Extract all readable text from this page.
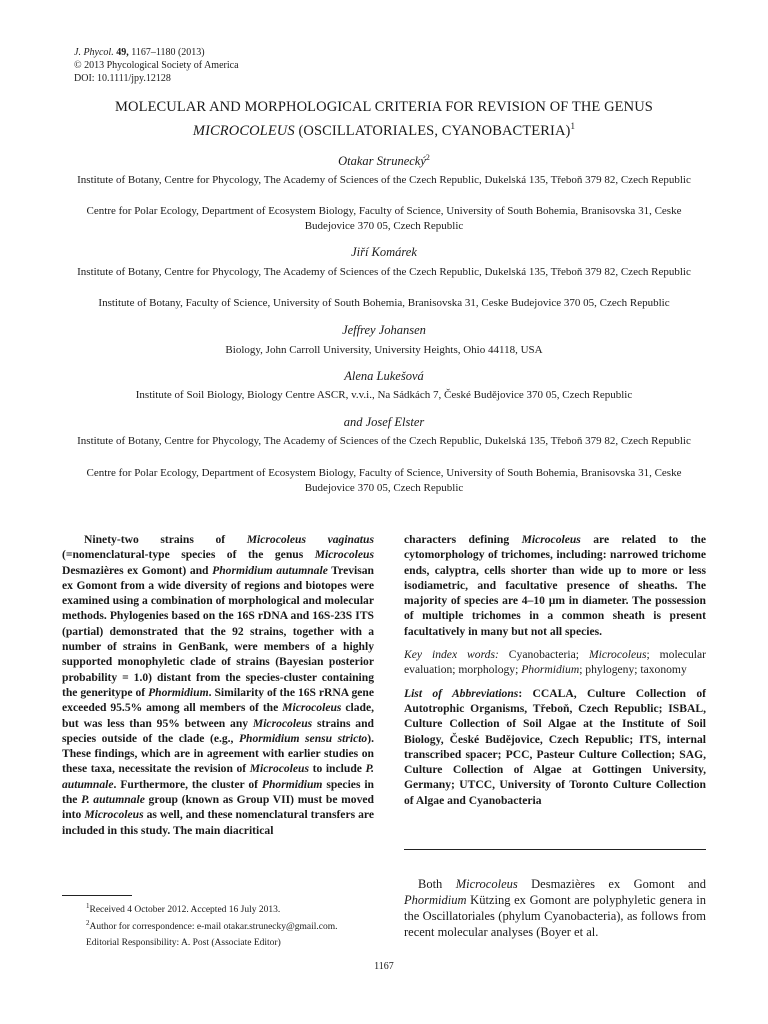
J. Phycol. 49, 1167–1180 (2013)
© 2013 Phycological Society of America
DOI: 10.1111/jpy.12128
MOLECULAR AND MORPHOLOGICAL CRITERIA FOR REVISION OF THE GENUS
MICROCOLEUS (OSCILLATORIALES, CYANOBACTERIA)$^1$
Otakar Strunecký$^2$
Institute of Botany, Centre for Phycology, The Academy of Sciences of the Czech Republic, Dukelská 135, Třeboň 379 82, Czech Republic
Centre for Polar Ecology, Department of Ecosystem Biology, Faculty of Science, University of South Bohemia, Branisovska 31, Ceske Budejovice 370 05, Czech Republic
Jiří Komárek
Institute of Botany, Centre for Phycology, The Academy of Sciences of the Czech Republic, Dukelská 135, Třeboň 379 82, Czech Republic
Institute of Botany, Faculty of Science, University of South Bohemia, Branisovska 31, Ceske Budejovice 370 05, Czech Republic
Jeffrey Johansen
Biology, John Carroll University, University Heights, Ohio 44118, USA
Alena Lukešová
Institute of Soil Biology, Biology Centre ASCR, v.v.i., Na Sádkách 7, České Budějovice 370 05, Czech Republic
and Josef Elster
Institute of Botany, Centre for Phycology, The Academy of Sciences of the Czech Republic, Dukelská 135, Třeboň 379 82, Czech Republic
Centre for Polar Ecology, Department of Ecosystem Biology, Faculty of Science, University of South Bohemia, Branisovska 31, Ceske Budejovice 370 05, Czech Republic
Ninety-two strains of Microcoleus vaginatus (=nomenclatural-type species of the genus Microcoleus Desmazières ex Gomont) and Phormidium autumnale Trevisan ex Gomont from a wide diversity of regions and biotopes were examined using a combination of morphological and molecular methods. Phylogenies based on the 16S rDNA and 16S-23S ITS (partial) demonstrated that the 92 strains, together with a number of strains in GenBank, were members of a highly supported monophyletic clade of strains (Bayesian posterior probability = 1.0) distant from the species-cluster containing the generitype of Phormidium. Similarity of the 16S rRNA gene exceeded 95.5% among all members of the Microcoleus clade, but was less than 95% between any Microcoleus strains and species outside of the clade (e.g., Phormidium sensu stricto). These findings, which are in agreement with earlier studies on these taxa, necessitate the revision of Microcoleus to include P. autumnale. Furthermore, the cluster of Phormidium species in the P. autumnale group (known as Group VII) must be moved into Microcoleus as well, and these nomenclatural transfers are included in this study. The main diacritical

characters defining Microcoleus are related to the cytomorphology of trichomes, including: narrowed trichome ends, calyptra, cells shorter than wide up to more or less isodiametric, and facultative presence of sheaths. The majority of species are 4–10 µm in diameter. The possession of multiple trichomes in a common sheath is present facultatively in many but not all species.

Key index words: Cyanobacteria; Microcoleus; molecular evaluation; morphology; Phormidium; phylogeny; taxonomy

List of Abbreviations: CCALA, Culture Collection of Autotrophic Organisms, Třeboň, Czech Republic; ISBAL, Culture Collection of Soil Algae at the Institute of Soil Biology, České Budějovice, Czech Republic; ITS, internal transcribed spacer; PCC, Pasteur Culture Collection; SAG, Culture Collection of Algae at Gottingen University, Germany; UTCC, University of Toronto Culture Collection of Algae and Cyanobacteria

Both Microcoleus Desmazières ex Gomont and Phormidium Kützing ex Gomont are polyphyletic genera in the Oscillatoriales (phylum Cyanobacteria), as follows from recent molecular analyses (Boyer et al.
$^1$Received 4 October 2012. Accepted 16 July 2013.
$^2$Author for correspondence: e-mail otakar.strunecky@gmail.com.
Editorial Responsibility: A. Post (Associate Editor)
1167
